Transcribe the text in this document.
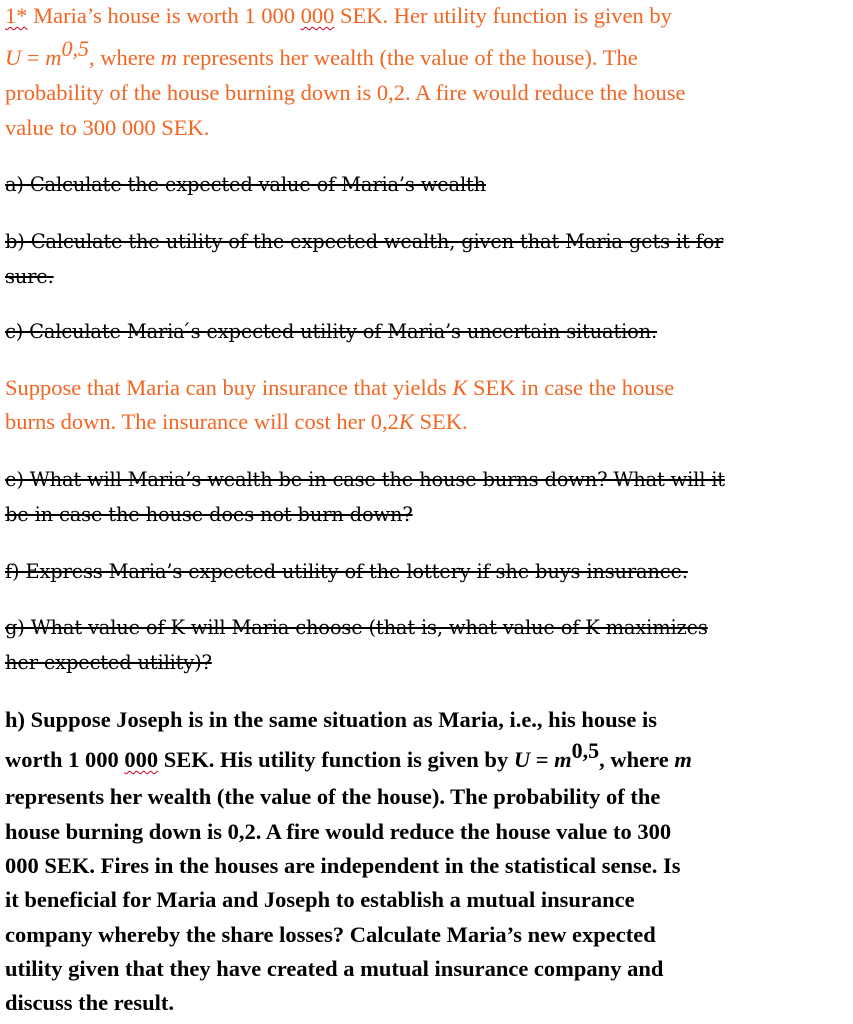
1* Maria’s house is worth 1 000 000 SEK. Her utility function is given by
U = m0,5, where m represents her wealth (the value of the house). The
probability of the house burning down is 0,2. A fire would reduce the house
value to 300 000 SEK.
a) Calculate the expected value of Maria’s wealth
b) Calculate the utility of the expected wealth, given that Maria gets it for
sure.
c) Calculate Maria ́s expected utility of Maria’s uncertain situation.
Suppose that Maria can buy insurance that yields K SEK in case the house
burns down. The insurance will cost her 0,2K SEK.
e) What will Maria’s wealth be in case the house burns down? What will it
be in case the house does not burn down?
f) Express Maria’s expected utility of the lottery if she buys insurance.
g) What value of K will Maria choose (that is, what value of K maximizes
her expected utility)?
h) Suppose Joseph is in the same situation as Maria, i.e., his house is
worth 1 000 000 SEK. His utility function is given by U = m0,5, where m
represents her wealth (the value of the house). The probability of the
house burning down is 0,2. A fire would reduce the house value to 300
000 SEK. Fires in the houses are independent in the statistical sense. Is
it beneficial for Maria and Joseph to establish a mutual insurance
company whereby the share losses? Calculate Maria’s new expected
utility given that they have created a mutual insurance company and
discuss the result.
